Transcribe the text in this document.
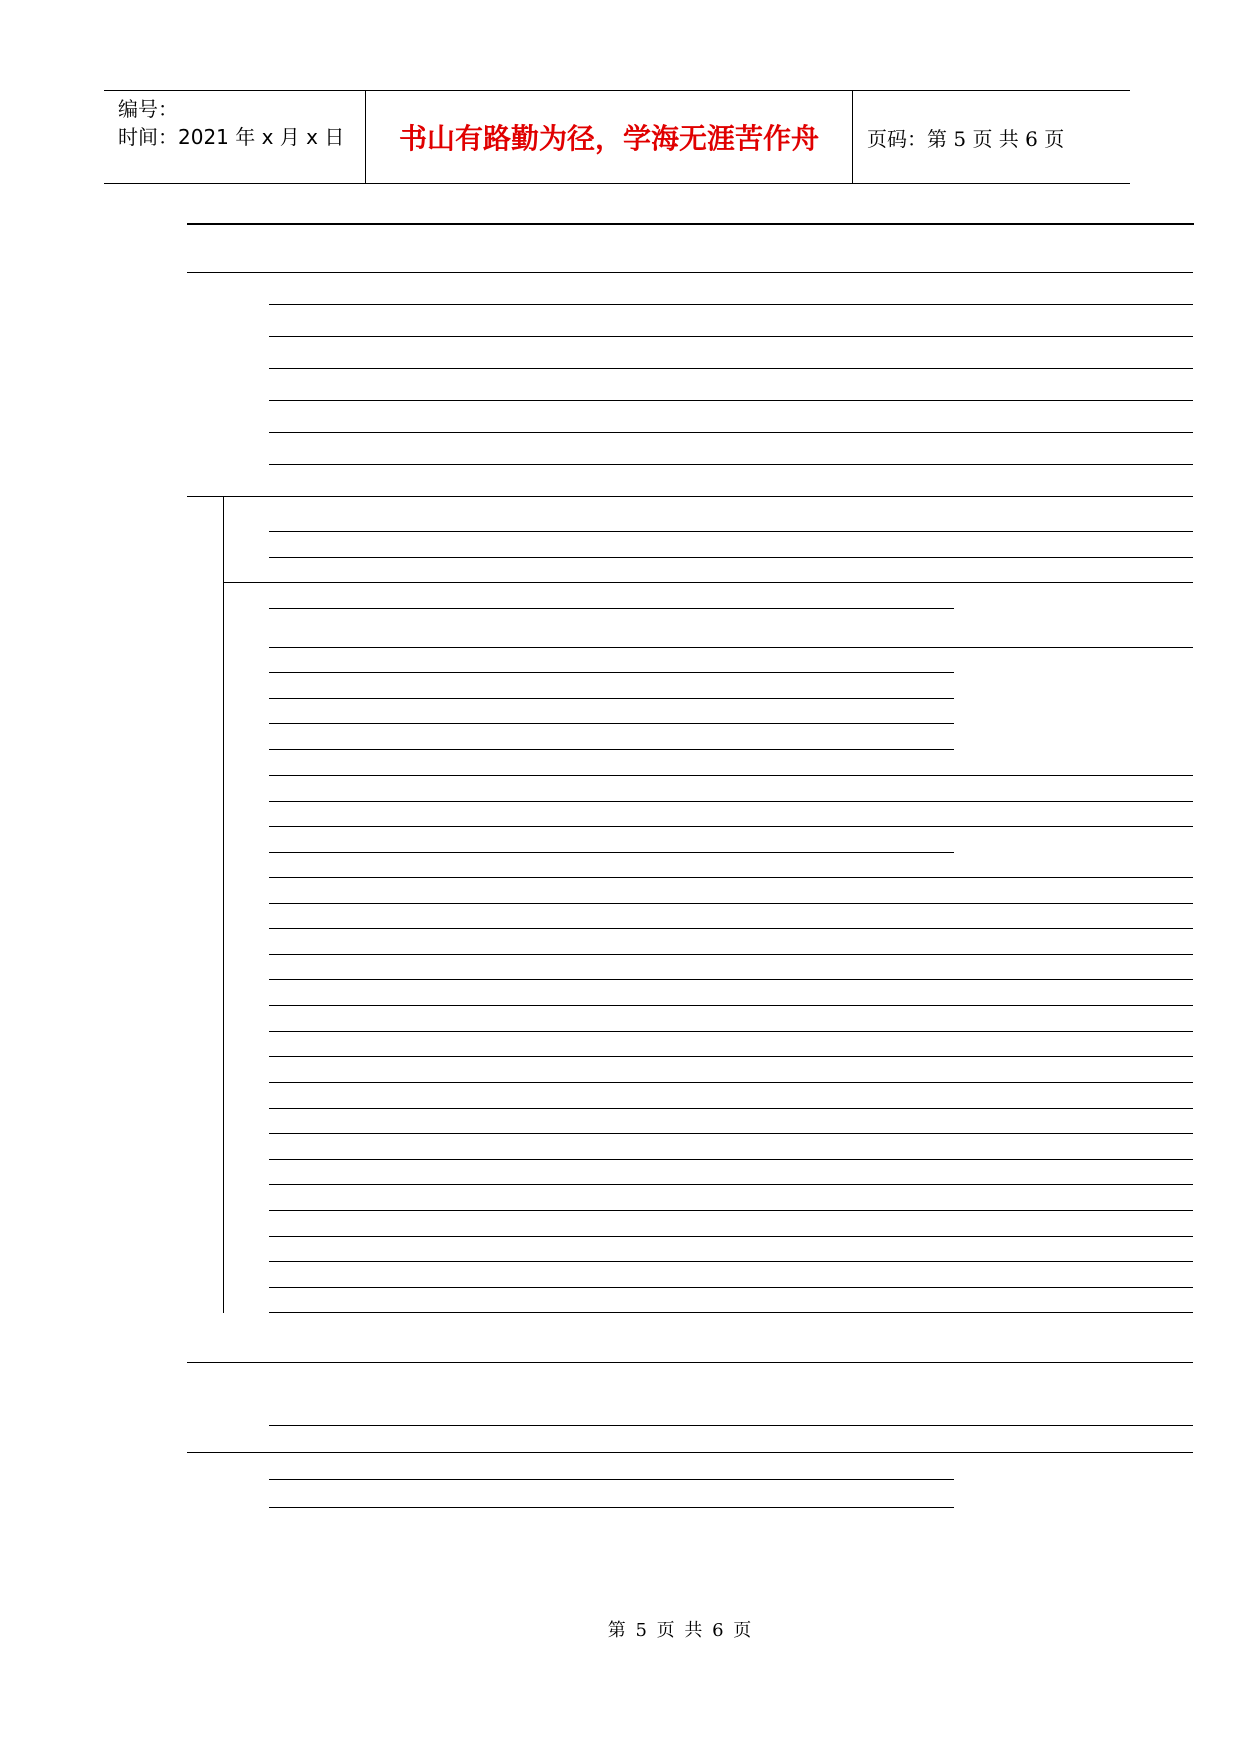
编号：
时间：2021 年 x 月 x 日	书山有路勤为径，学海无涯苦作舟	页码：第 5 页 共 6 页
第 5 页 共 6 页
